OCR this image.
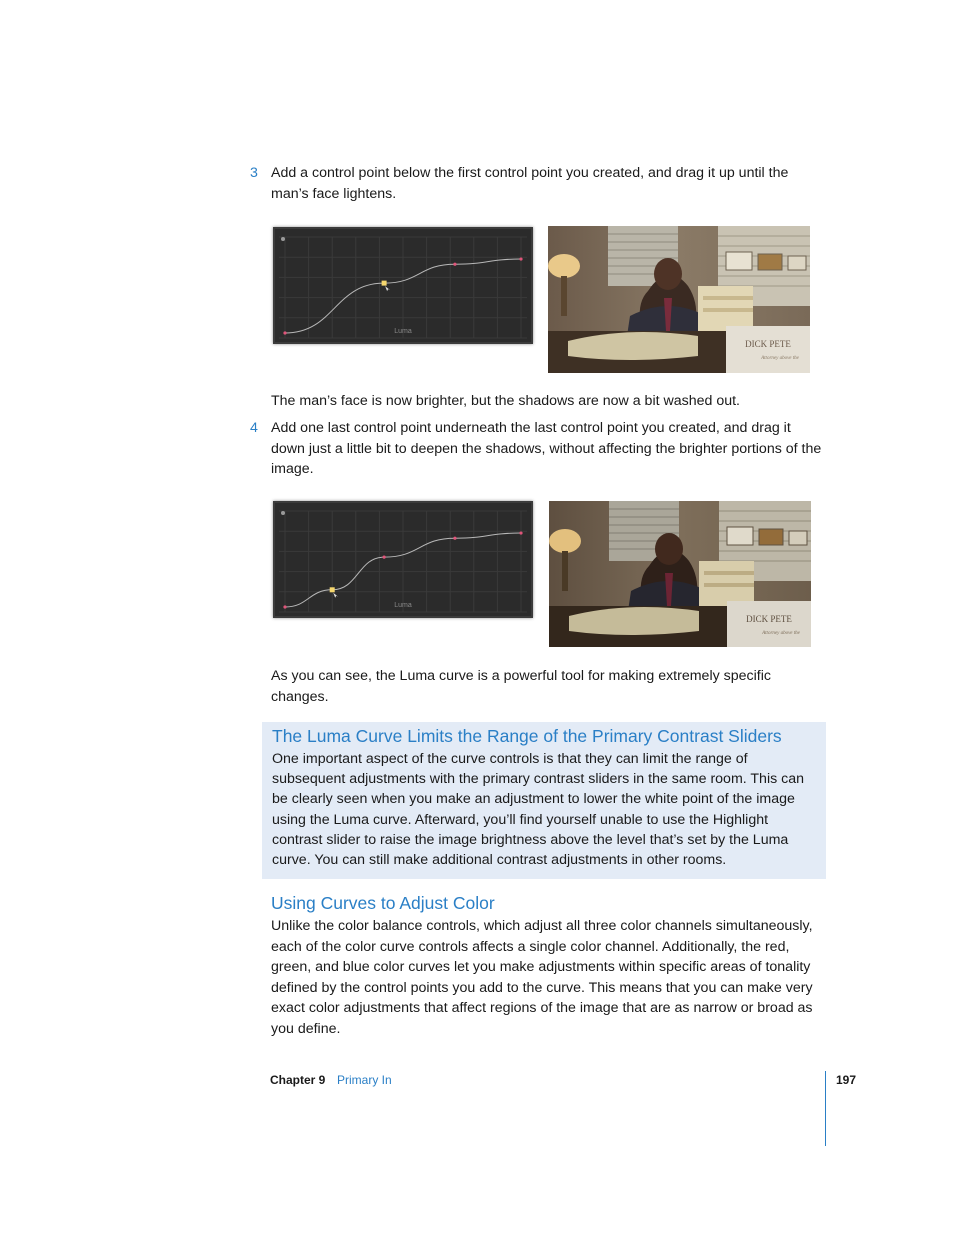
3 Add a control point below the first control point you created, and drag it up until the man’s face lightens.
Luma
DICK PETE
Attorney above the
The man’s face is now brighter, but the shadows are now a bit washed out.
4 Add one last control point underneath the last control point you created, and drag it down just a little bit to deepen the shadows, without affecting the brighter portions of the image.
Luma
DICK PETE
Attorney above the
As you can see, the Luma curve is a powerful tool for making extremely specific changes.
The Luma Curve Limits the Range of the Primary Contrast Sliders

One important aspect of the curve controls is that they can limit the range of subsequent adjustments with the primary contrast sliders in the same room. This can be clearly seen when you make an adjustment to lower the white point of the image using the Luma curve. Afterward, you’ll find yourself unable to use the Highlight contrast slider to raise the image brightness above the level that’s set by the Luma curve. You can still make additional contrast adjustments in other rooms.

Using Curves to Adjust Color
Unlike the color balance controls, which adjust all three color channels simultaneously, each of the color curve controls affects a single color channel. Additionally, the red, green, and blue color curves let you make adjustments within specific areas of tonality defined by the control points you add to the curve. This means that you can make very exact color adjustments that affect regions of the image that are as narrow or broad as you define.
Chapter 9 Primary In	197
